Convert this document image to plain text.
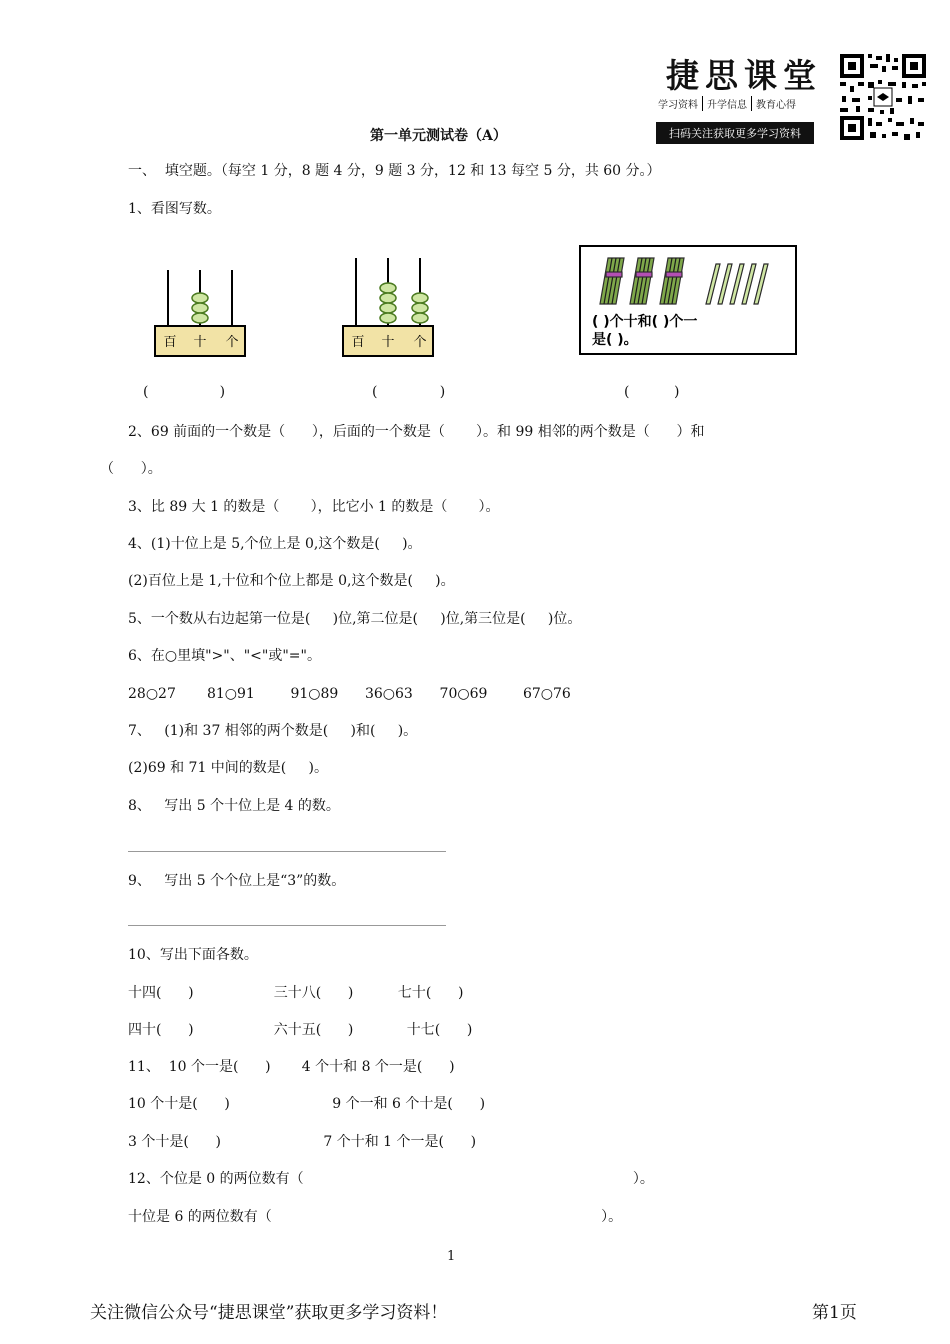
捷思课堂
学习资料 升学信息 教育心得
扫码关注获取更多学习资料
第一单元测试卷（A）
一、  填空题。（每空 1 分，8 题 4 分，9 题 3 分，12 和 13 每空 5 分，共 60 分。）
1、看图写数。
百 十 个
(                )
百 十 个
(              )
( )个十和( )个一
是( )。
(          )
2、69 前面的一个数是（      ），后面的一个数是（       ）。和 99 相邻的两个数是（      ）和
（      ）。
3、比 89 大 1 的数是（       ），比它小 1 的数是（       ）。
4、(1)十位上是 5,个位上是 0,这个数是(     )。
(2)百位上是 1,十位和个位上都是 0,这个数是(     )。
5、一个数从右边起第一位是(     )位,第二位是(     )位,第三位是(     )位。
6、在○里填">"、"<"或"="。
28○27       81○91        91○89      36○63      70○69        67○76
7、   (1)和 37 相邻的两个数是(     )和(     )。
(2)69 和 71 中间的数是(     )。
8、   写出 5 个十位上是 4 的数。
9、   写出 5 个个位上是“3”的数。
10、写出下面各数。
十四(      )                  三十八(      )          七十(      )
四十(      )                  六十五(      )            十七(      )
11、  10 个一是(      )       4 个十和 8 个一是(      )
10 个十是(      )                       9 个一和 6 个十是(      )
3 个十是(      )                       7 个十和 1 个一是(      )
12、个位是 0 的两位数有（                                                                          ）。
十位是 6 的两位数有（                                                                          ）。
1
关注微信公众号“捷思课堂”获取更多学习资料！	第1页
